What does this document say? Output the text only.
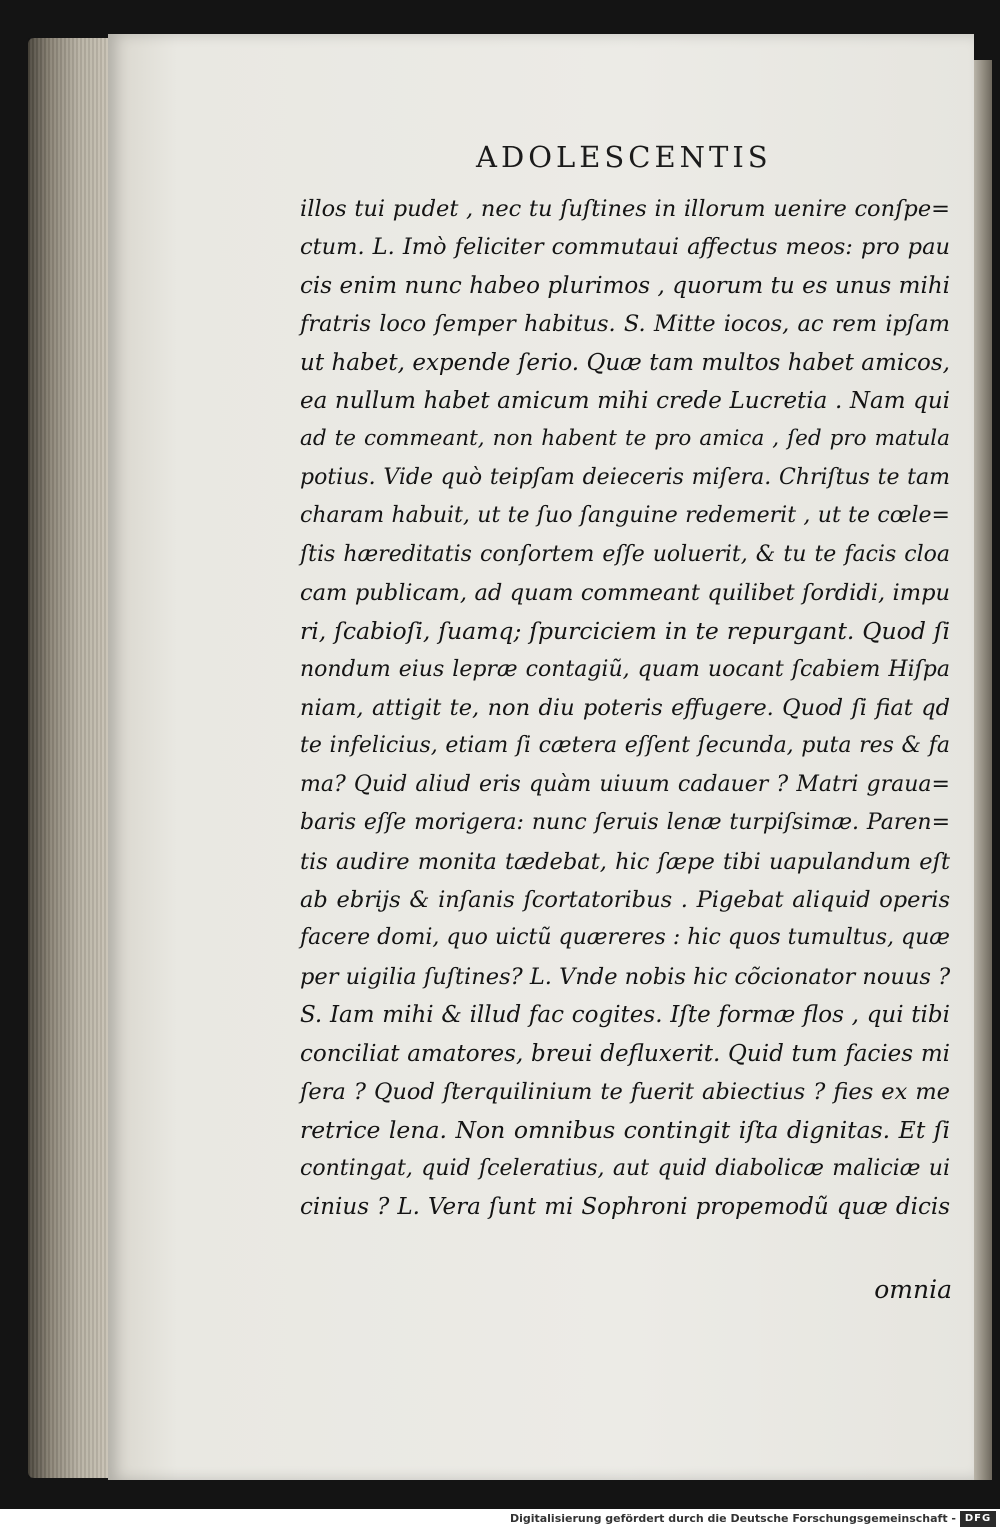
ADOLESCENTIS
illos tui pudet , nec tu ſuſtines in illorum uenire conſpe=
ctum. L. Imò feliciter commutaui affectus meos: pro pau
cis enim nunc habeo plurimos , quorum tu es unus mihi
fratris loco ſemper habitus. S. Mitte iocos, ac rem ipſam
ut habet, expende ſerio. Quæ tam multos habet amicos,
ea nullum habet amicum mihi crede Lucretia . Nam qui
ad te commeant, non habent te pro amica , ſed pro matula
potius. Vide quò teipſam deieceris miſera. Chriſtus te tam
charam habuit, ut te ſuo ſanguine redemerit , ut te cœle=
ſtis hæreditatis conſortem eſſe uoluerit, & tu te facis cloa
cam publicam, ad quam commeant quilibet ſordidi, impu
ri, ſcabioſi, ſuamq; ſpurciciem in te repurgant. Quod ſi
nondum eius lepræ contagiũ, quam uocant ſcabiem Hiſpa
niam, attigit te, non diu poteris effugere. Quod ſi fiat qd
te infelicius, etiam ſi cætera eſſent ſecunda, puta res & fa
ma? Quid aliud eris quàm uiuum cadauer ? Matri graua=
baris eſſe morigera: nunc ſeruis lenæ turpiſsimæ. Paren=
tis audire monita tædebat, hic ſæpe tibi uapulandum eſt
ab ebrijs & inſanis ſcortatoribus . Pigebat aliquid operis
facere domi, quo uictũ quæreres : hic quos tumultus, quæ
per uigilia ſuſtines? L. Vnde nobis hic cõcionator nouus ?
S. Iam mihi & illud fac cogites. Iſte formæ flos , qui tibi
conciliat amatores, breui defluxerit. Quid tum facies mi
ſera ? Quod ſterquilinium te fuerit abiectius ? fies ex me
retrice lena. Non omnibus contingit iſta dignitas. Et ſi
contingat, quid ſceleratius, aut quid diabolicæ maliciæ ui
cinius ? L. Vera ſunt mi Sophroni propemodũ quæ dicis
omnia
Digitalisierung gefördert durch die Deutsche Forschungsgemeinschaft - DFG
